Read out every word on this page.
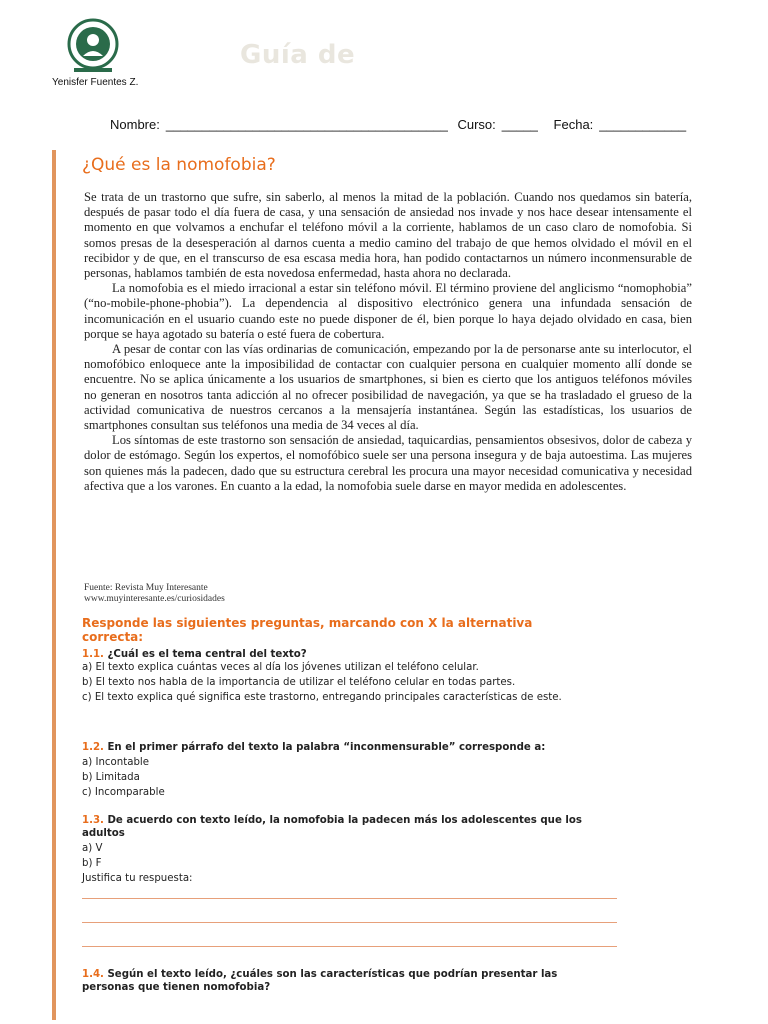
Guía de
Yenisfer Fuentes Z.
Nombre: _______________________________________ Curso: _____ Fecha: ____________
¿Qué es la nomofobia?

Se trata de un trastorno que sufre, sin saberlo, al menos la mitad de la población. Cuando nos quedamos sin batería, después de pasar todo el día fuera de casa, y una sensación de ansiedad nos invade y nos hace desear intensamente el momento en que volvamos a enchufar el teléfono móvil a la corriente, hablamos de un caso claro de nomofobia. Si somos presas de la desesperación al darnos cuenta a medio camino del trabajo de que hemos olvidado el móvil en el recibidor y de que, en el transcurso de esa escasa media hora, han podido contactarnos un número inconmensurable de personas, hablamos también de esta novedosa enfermedad, hasta ahora no declarada.

La nomofobia es el miedo irracional a estar sin teléfono móvil. El término proviene del anglicismo “nomophobia” (“no-mobile-phone-phobia”). La dependencia al dispositivo electrónico genera una infundada sensación de incomunicación en el usuario cuando este no puede disponer de él, bien porque lo haya dejado olvidado en casa, bien porque se haya agotado su batería o esté fuera de cobertura.

A pesar de contar con las vías ordinarias de comunicación, empezando por la de personarse ante su interlocutor, el nomofóbico enloquece ante la imposibilidad de contactar con cualquier persona en cualquier momento allí donde se encuentre. No se aplica únicamente a los usuarios de smartphones, si bien es cierto que los antiguos teléfonos móviles no generan en nosotros tanta adicción al no ofrecer posibilidad de navegación, ya que se ha trasladado el grueso de la actividad comunicativa de nuestros cercanos a la mensajería instantánea. Según las estadísticas, los usuarios de smartphones consultan sus teléfonos una media de 34 veces al día.

Los síntomas de este trastorno son sensación de ansiedad, taquicardias, pensamientos obsesivos, dolor de cabeza y dolor de estómago. Según los expertos, el nomofóbico suele ser una persona insegura y de baja autoestima. Las mujeres son quienes más la padecen, dado que su estructura cerebral les procura una mayor necesidad comunicativa y necesidad afectiva que a los varones. En cuanto a la edad, la nomofobia suele darse en mayor medida en adolescentes.

Fuente: Revista Muy Interesante
www.muyinteresante.es/curiosidades
Responde las siguientes preguntas, marcando con X la alternativa correcta:
1.1. ¿Cuál es el tema central del texto?
a) El texto explica cuántas veces al día los jóvenes utilizan el teléfono celular.
b) El texto nos habla de la importancia de utilizar el teléfono celular en todas partes.
c) El texto explica qué significa este trastorno, entregando principales características de este.
1.2. En el primer párrafo del texto la palabra “inconmensurable” corresponde a:
a) Incontable
b) Limitada
c) Incomparable
1.3. De acuerdo con texto leído, la nomofobia la padecen más los adolescentes que los adultos
a) V
b) F
Justifica tu respuesta:
1.4. Según el texto leído, ¿cuáles son las características que podrían presentar las personas que tienen nomofobia?
